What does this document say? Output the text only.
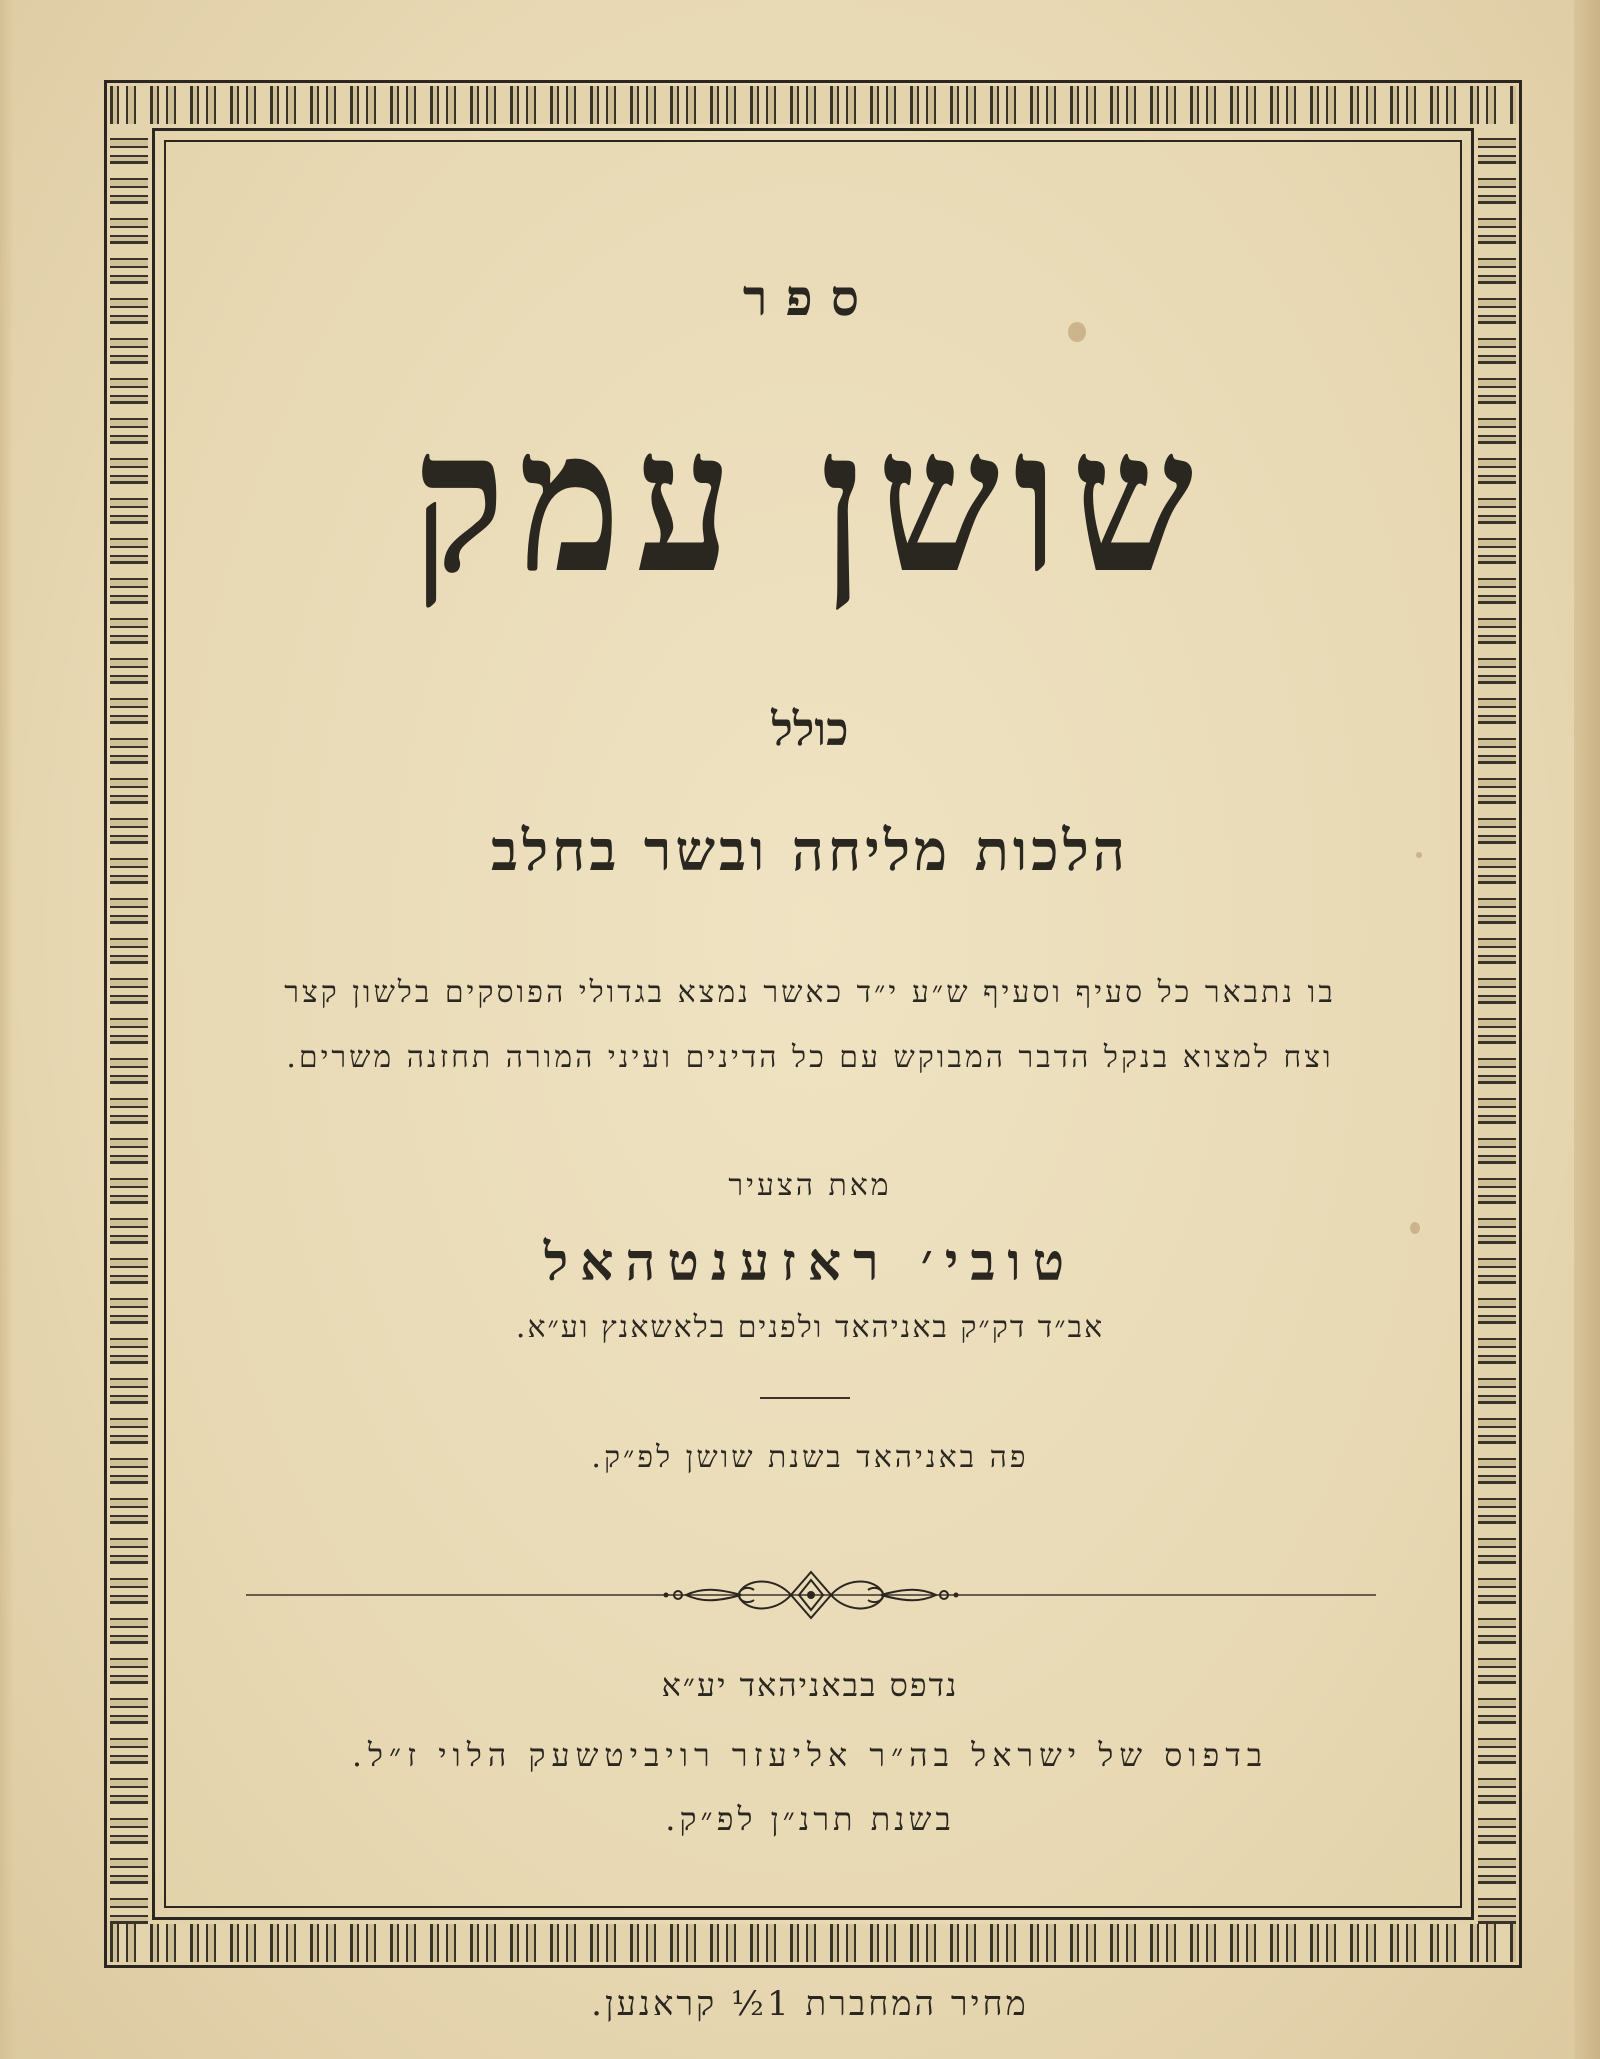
ספר
שושן עמק
כולל
הלכות מליחה ובשר בחלב
בו נתבאר כל סעיף וסעיף ש״ע י״ד כאשר נמצא בגדולי הפוסקים בלשון קצר
וצח למצוא בנקל הדבר המבוקש עם כל הדינים ועיני המורה תחזנה משרים.
מאת הצעיר
טובי׳ ראזענטהאל
אב״ד דק״ק באניהאד ולפנים בלאשאנץ וע״א.
פה באניהאד בשנת שושן לפ״ק.
נדפס בבאניהאד יע״א
בדפוס של ישראל בה״ר אליעזר רויביטשעק הלוי ז״ל.
בשנת תרנ״ן לפ״ק.
מחיר המחברת 1½ קראנען.
